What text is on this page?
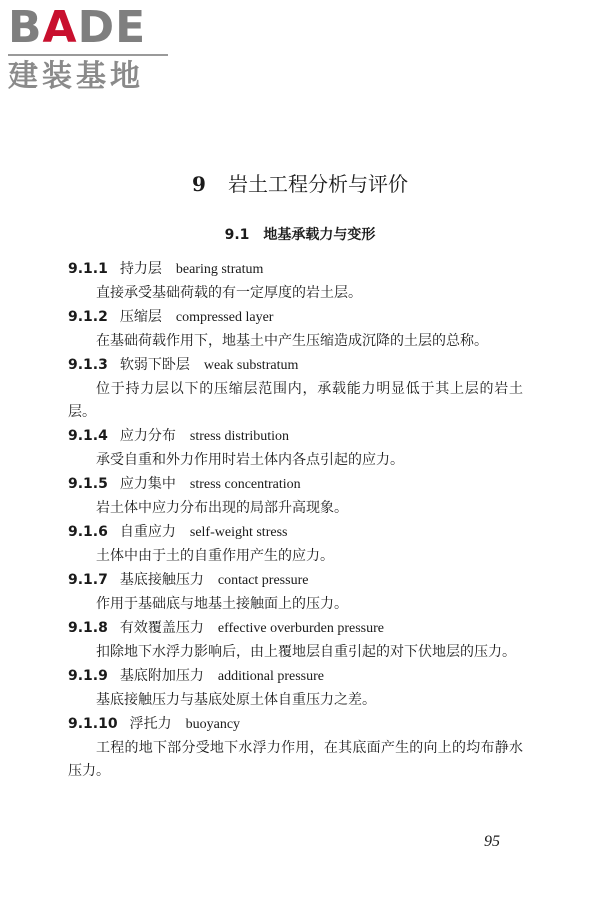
BADE
建装基地
9 岩土工程分析与评价
9.1 地基承载力与变形
9.1.1 持力层 bearing stratum
直接承受基础荷载的有一定厚度的岩土层。
9.1.2 压缩层 compressed layer
在基础荷载作用下，地基土中产生压缩造成沉降的土层的总称。
9.1.3 软弱下卧层 weak substratum
位于持力层以下的压缩层范围内，承载能力明显低于其上层的岩土层。
9.1.4 应力分布 stress distribution
承受自重和外力作用时岩土体内各点引起的应力。
9.1.5 应力集中 stress concentration
岩土体中应力分布出现的局部升高现象。
9.1.6 自重应力 self-weight stress
土体中由于土的自重作用产生的应力。
9.1.7 基底接触压力 contact pressure
作用于基础底与地基土接触面上的压力。
9.1.8 有效覆盖压力 effective overburden pressure
扣除地下水浮力影响后，由上覆地层自重引起的对下伏地层的压力。
9.1.9 基底附加压力 additional pressure
基底接触压力与基底处原土体自重压力之差。
9.1.10 浮托力 buoyancy
工程的地下部分受地下水浮力作用，在其底面产生的向上的均布静水压力。
95
